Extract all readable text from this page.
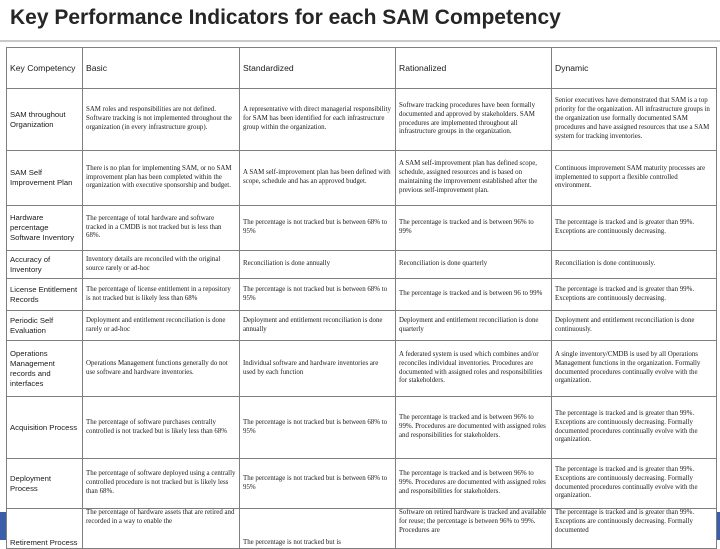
Key Performance Indicators for each SAM Competency
Key Competency	Basic	Standardized	Rationalized	Dynamic
SAM throughout Organization	SAM roles and responsibilities are not defined. Software tracking is not implemented throughout the organization (in every infrastructure group).	A representative with direct managerial responsibility for SAM has been identified for each infrastructure group within the organization.	Software tracking procedures have been formally documented and approved by stakeholders. SAM procedures are implemented throughout all infrastructure groups in the organization.	Senior executives have demonstrated that SAM is a top priority for the organization. All infrastructure groups in the organization use formally documented SAM procedures and have assigned resources that use a SAM system for tracking inventories.
SAM Self Improvement Plan	There is no plan for implementing SAM, or no SAM improvement plan has been completed within the organization with executive sponsorship and budget.	A SAM self-improvement plan has been defined with scope, schedule and has an approved budget.	A SAM self-improvement plan has defined scope, schedule, assigned resources and is based on maintaining the improvement established after the previous self-improvement plan.	Continuous improvement SAM maturity processes are implemented to support a flexible controlled environment.
Hardware percentage Software Inventory	The percentage of total hardware and software tracked in a CMDB is not tracked but is less than 68%.	The percentage is not tracked but is between 68% to 95%	The percentage is tracked and is between 96% to 99%	The percentage is tracked and is greater than 99%. Exceptions are continuously decreasing.
Accuracy of Inventory	Inventory details are reconciled with the original source rarely or ad-hoc	Reconciliation is done annually	Reconciliation is done quarterly	Reconciliation is done continuously.
License Entitlement Records	The percentage of license entitlement in a repository is not tracked but is likely less than 68%	The percentage is not tracked but is between 68% to 95%	The percentage is tracked and is between 96 to 99%	The percentage is tracked and is greater than 99%. Exceptions are continuously decreasing.
Periodic Self Evaluation	Deployment and entitlement reconciliation is done rarely or ad-hoc	Deployment and entitlement reconciliation is done annually	Deployment and entitlement reconciliation is done quarterly	Deployment and entitlement reconciliation is done continuously.
Operations Management records and interfaces	Operations Management functions generally do not use software and hardware inventories.	Individual software and hardware inventories are used by each function	A federated system is used which combines and/or reconciles individual inventories. Procedures are documented with assigned roles and responsibilities for stakeholders.	A single inventory/CMDB is used by all Operations Management functions in the organization. Formally documented procedures continually evolve with the organization.
Acquisition Process	The percentage of software purchases centrally controlled is not tracked but is likely less than 68%	The percentage is not tracked but is between 68% to 95%	The percentage is tracked and is between 96% to 99%. Procedures are documented with assigned roles and responsibilities for stakeholders.	The percentage is tracked and is greater than 99%. Exceptions are continuously decreasing. Formally documented procedures continually evolve with the organization.
Deployment Process	The percentage of software deployed using a centrally controlled procedure is not tracked but is likely less than 68%.	The percentage is not tracked but is between 68% to 95%	The percentage is tracked and is between 96% to 99%. Procedures are documented with assigned roles and responsibilities for stakeholders.	The percentage is tracked and is greater than 99%. Exceptions are continuously decreasing. Formally documented procedures continually evolve with the organization.
Retirement Process	The percentage of hardware assets that are retired and recorded in a way to enable the	The percentage is not tracked but is	Software on retired hardware is tracked and available for reuse; the percentage is between 96% to 99%. Procedures are	The percentage is tracked and is greater than 99%. Exceptions are continuously decreasing. Formally documented
